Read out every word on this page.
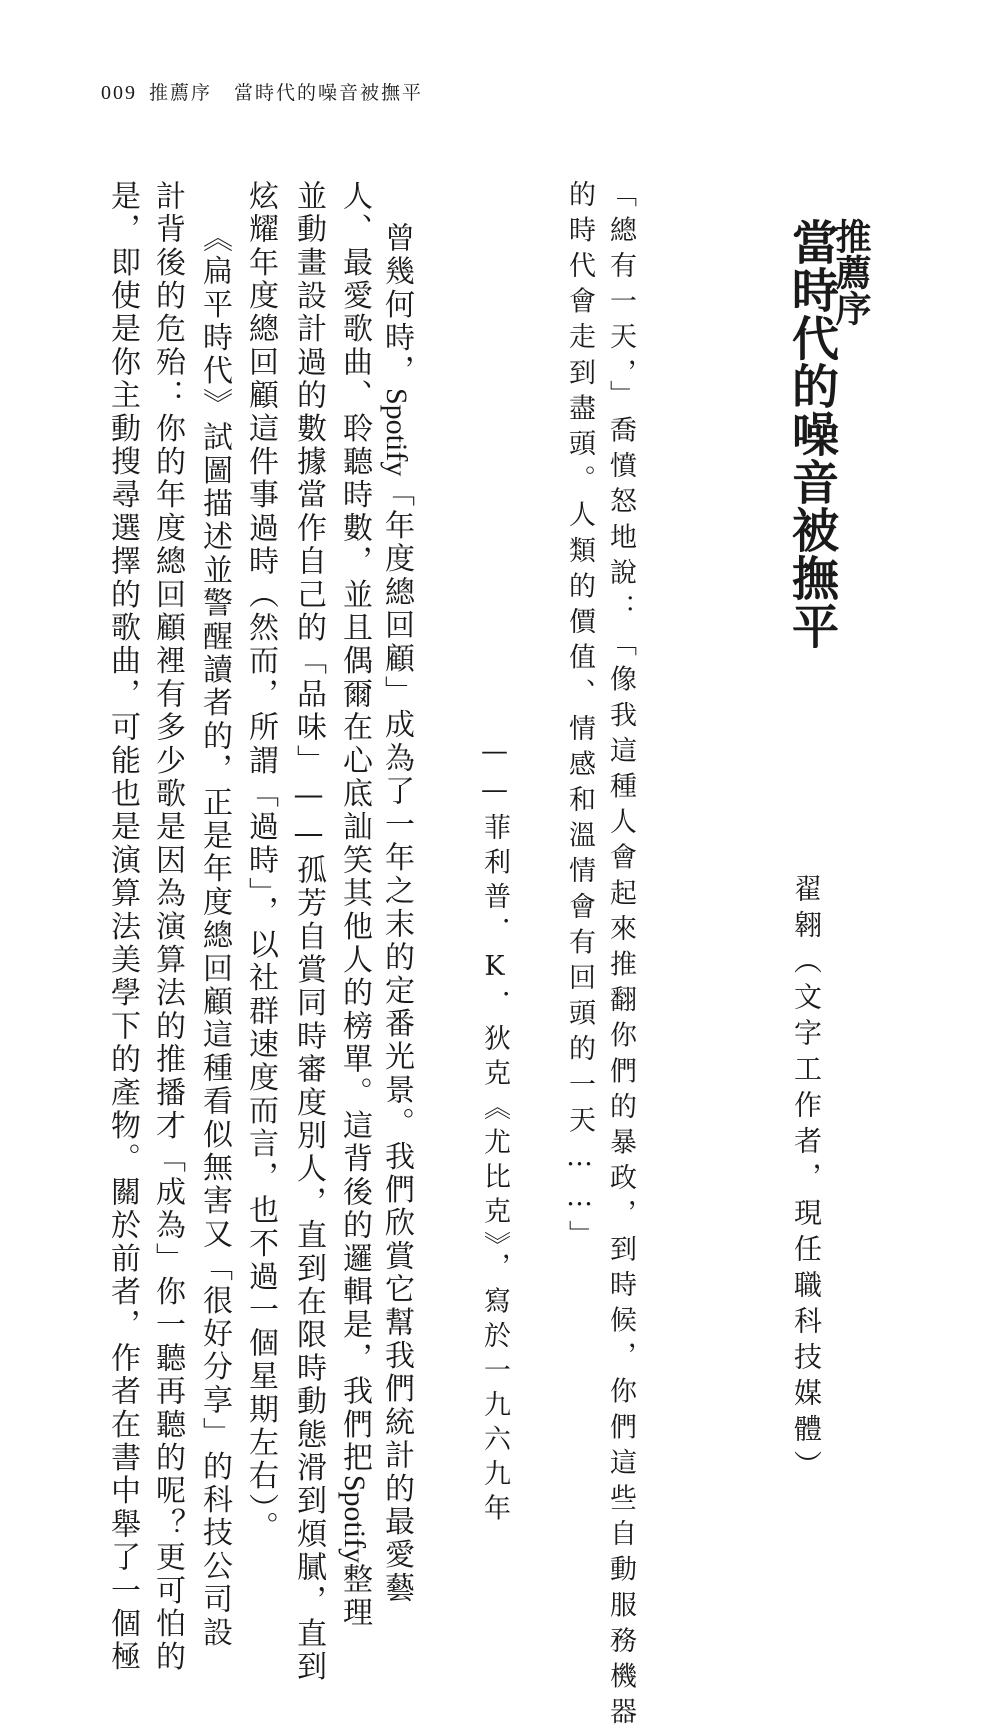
009 推薦序 當時代的噪音被撫平
推薦序
當時代的噪音被撫平
翟翱（文字工作者，現任職科技媒體）
「總有一天，」喬憤怒地說：「像我這種人會起來推翻你們的暴政，到時候，你們這些自動服務機器
的時代會走到盡頭。人類的價值、情感和溫情會有回頭的一天……」
——菲利普．K．狄克《尤比克》，寫於一九六九年
曾幾何時，Spotify「年度總回顧」成為了一年之末的定番光景。我們欣賞它幫我們統計的最愛藝
人、最愛歌曲、聆聽時數，並且偶爾在心底訕笑其他人的榜單。這背後的邏輯是，我們把Spotify整理
並動畫設計過的數據當作自己的「品味」——孤芳自賞同時審度別人，直到在限時動態滑到煩膩，直到
炫耀年度總回顧這件事過時（然而，所謂「過時」，以社群速度而言，也不過一個星期左右）。
《扁平時代》試圖描述並警醒讀者的，正是年度總回顧這種看似無害又「很好分享」的科技公司設
計背後的危殆：你的年度總回顧裡有多少歌是因為演算法的推播才「成為」你一聽再聽的呢？更可怕的
是，即使是你主動搜尋選擇的歌曲，可能也是演算法美學下的產物。關於前者，作者在書中舉了一個極
